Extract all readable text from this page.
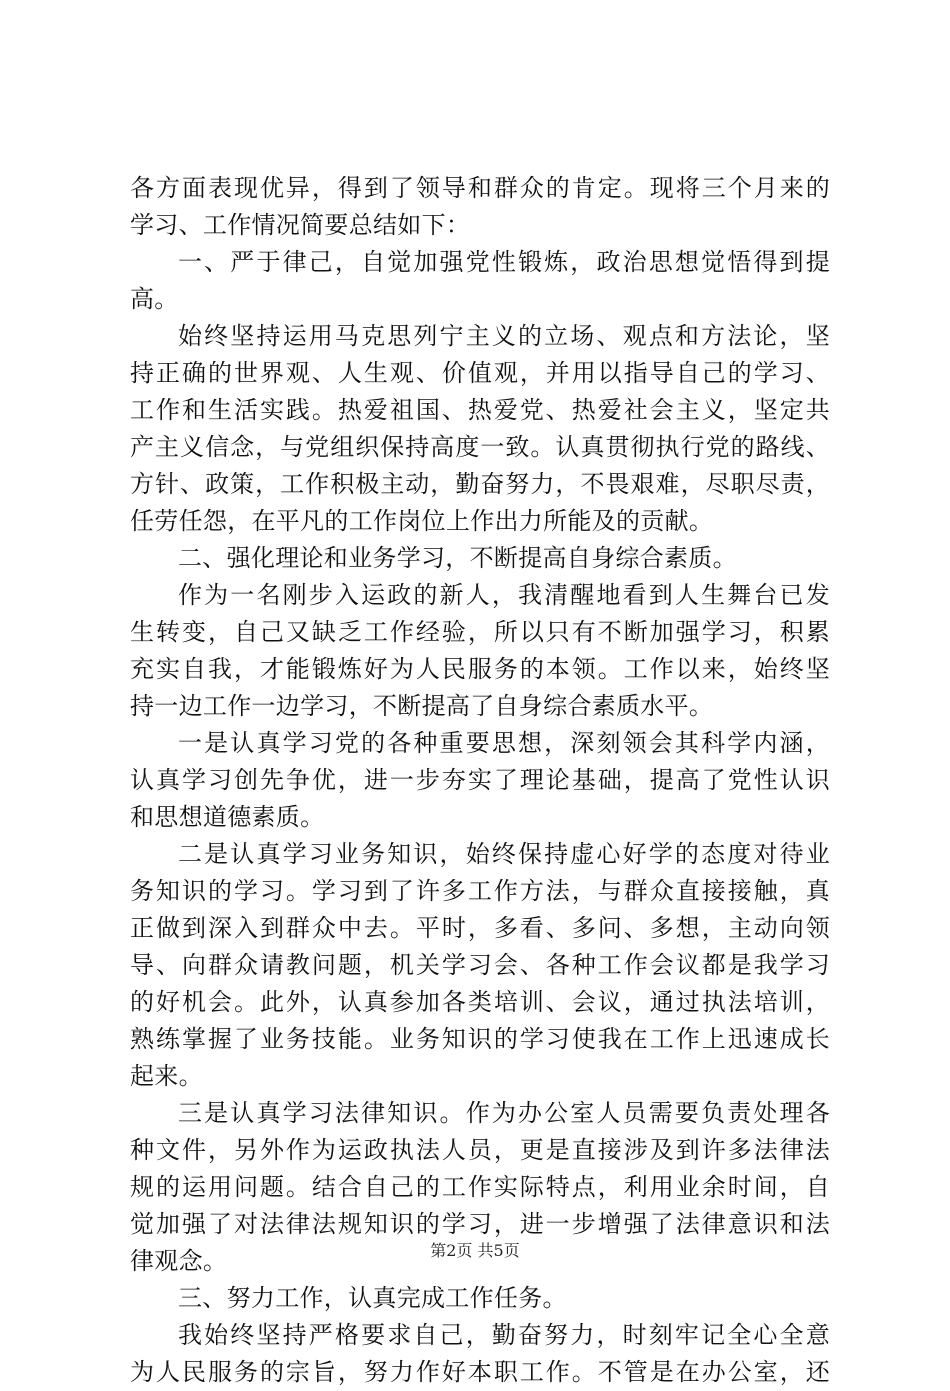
各方面表现优异，得到了领导和群众的肯定。现将三个月来的
学习、工作情况简要总结如下：
一、严于律己，自觉加强党性锻炼，政治思想觉悟得到提
高。
始终坚持运用马克思列宁主义的立场、观点和方法论，坚
持正确的世界观、人生观、价值观，并用以指导自己的学习、
工作和生活实践。热爱祖国、热爱党、热爱社会主义，坚定共
产主义信念，与党组织保持高度一致。认真贯彻执行党的路线、
方针、政策，工作积极主动，勤奋努力，不畏艰难，尽职尽责，
任劳任怨，在平凡的工作岗位上作出力所能及的贡献。
二、强化理论和业务学习，不断提高自身综合素质。
作为一名刚步入运政的新人，我清醒地看到人生舞台已发
生转变，自己又缺乏工作经验，所以只有不断加强学习，积累
充实自我，才能锻炼好为人民服务的本领。工作以来，始终坚
持一边工作一边学习，不断提高了自身综合素质水平。
一是认真学习党的各种重要思想，深刻领会其科学内涵，
认真学习创先争优，进一步夯实了理论基础，提高了党性认识
和思想道德素质。
二是认真学习业务知识，始终保持虚心好学的态度对待业
务知识的学习。学习到了许多工作方法，与群众直接接触，真
正做到深入到群众中去。平时，多看、多问、多想，主动向领
导、向群众请教问题，机关学习会、各种工作会议都是我学习
的好机会。此外，认真参加各类培训、会议，通过执法培训，
熟练掌握了业务技能。业务知识的学习使我在工作上迅速成长
起来。
三是认真学习法律知识。作为办公室人员需要负责处理各
种文件，另外作为运政执法人员，更是直接涉及到许多法律法
规的运用问题。结合自己的工作实际特点，利用业余时间，自
觉加强了对法律法规知识的学习，进一步增强了法律意识和法
律观念。
三、努力工作，认真完成工作任务。
我始终坚持严格要求自己，勤奋努力，时刻牢记全心全意
为人民服务的宗旨，努力作好本职工作。不管是在办公室，还
第2页 共5页
